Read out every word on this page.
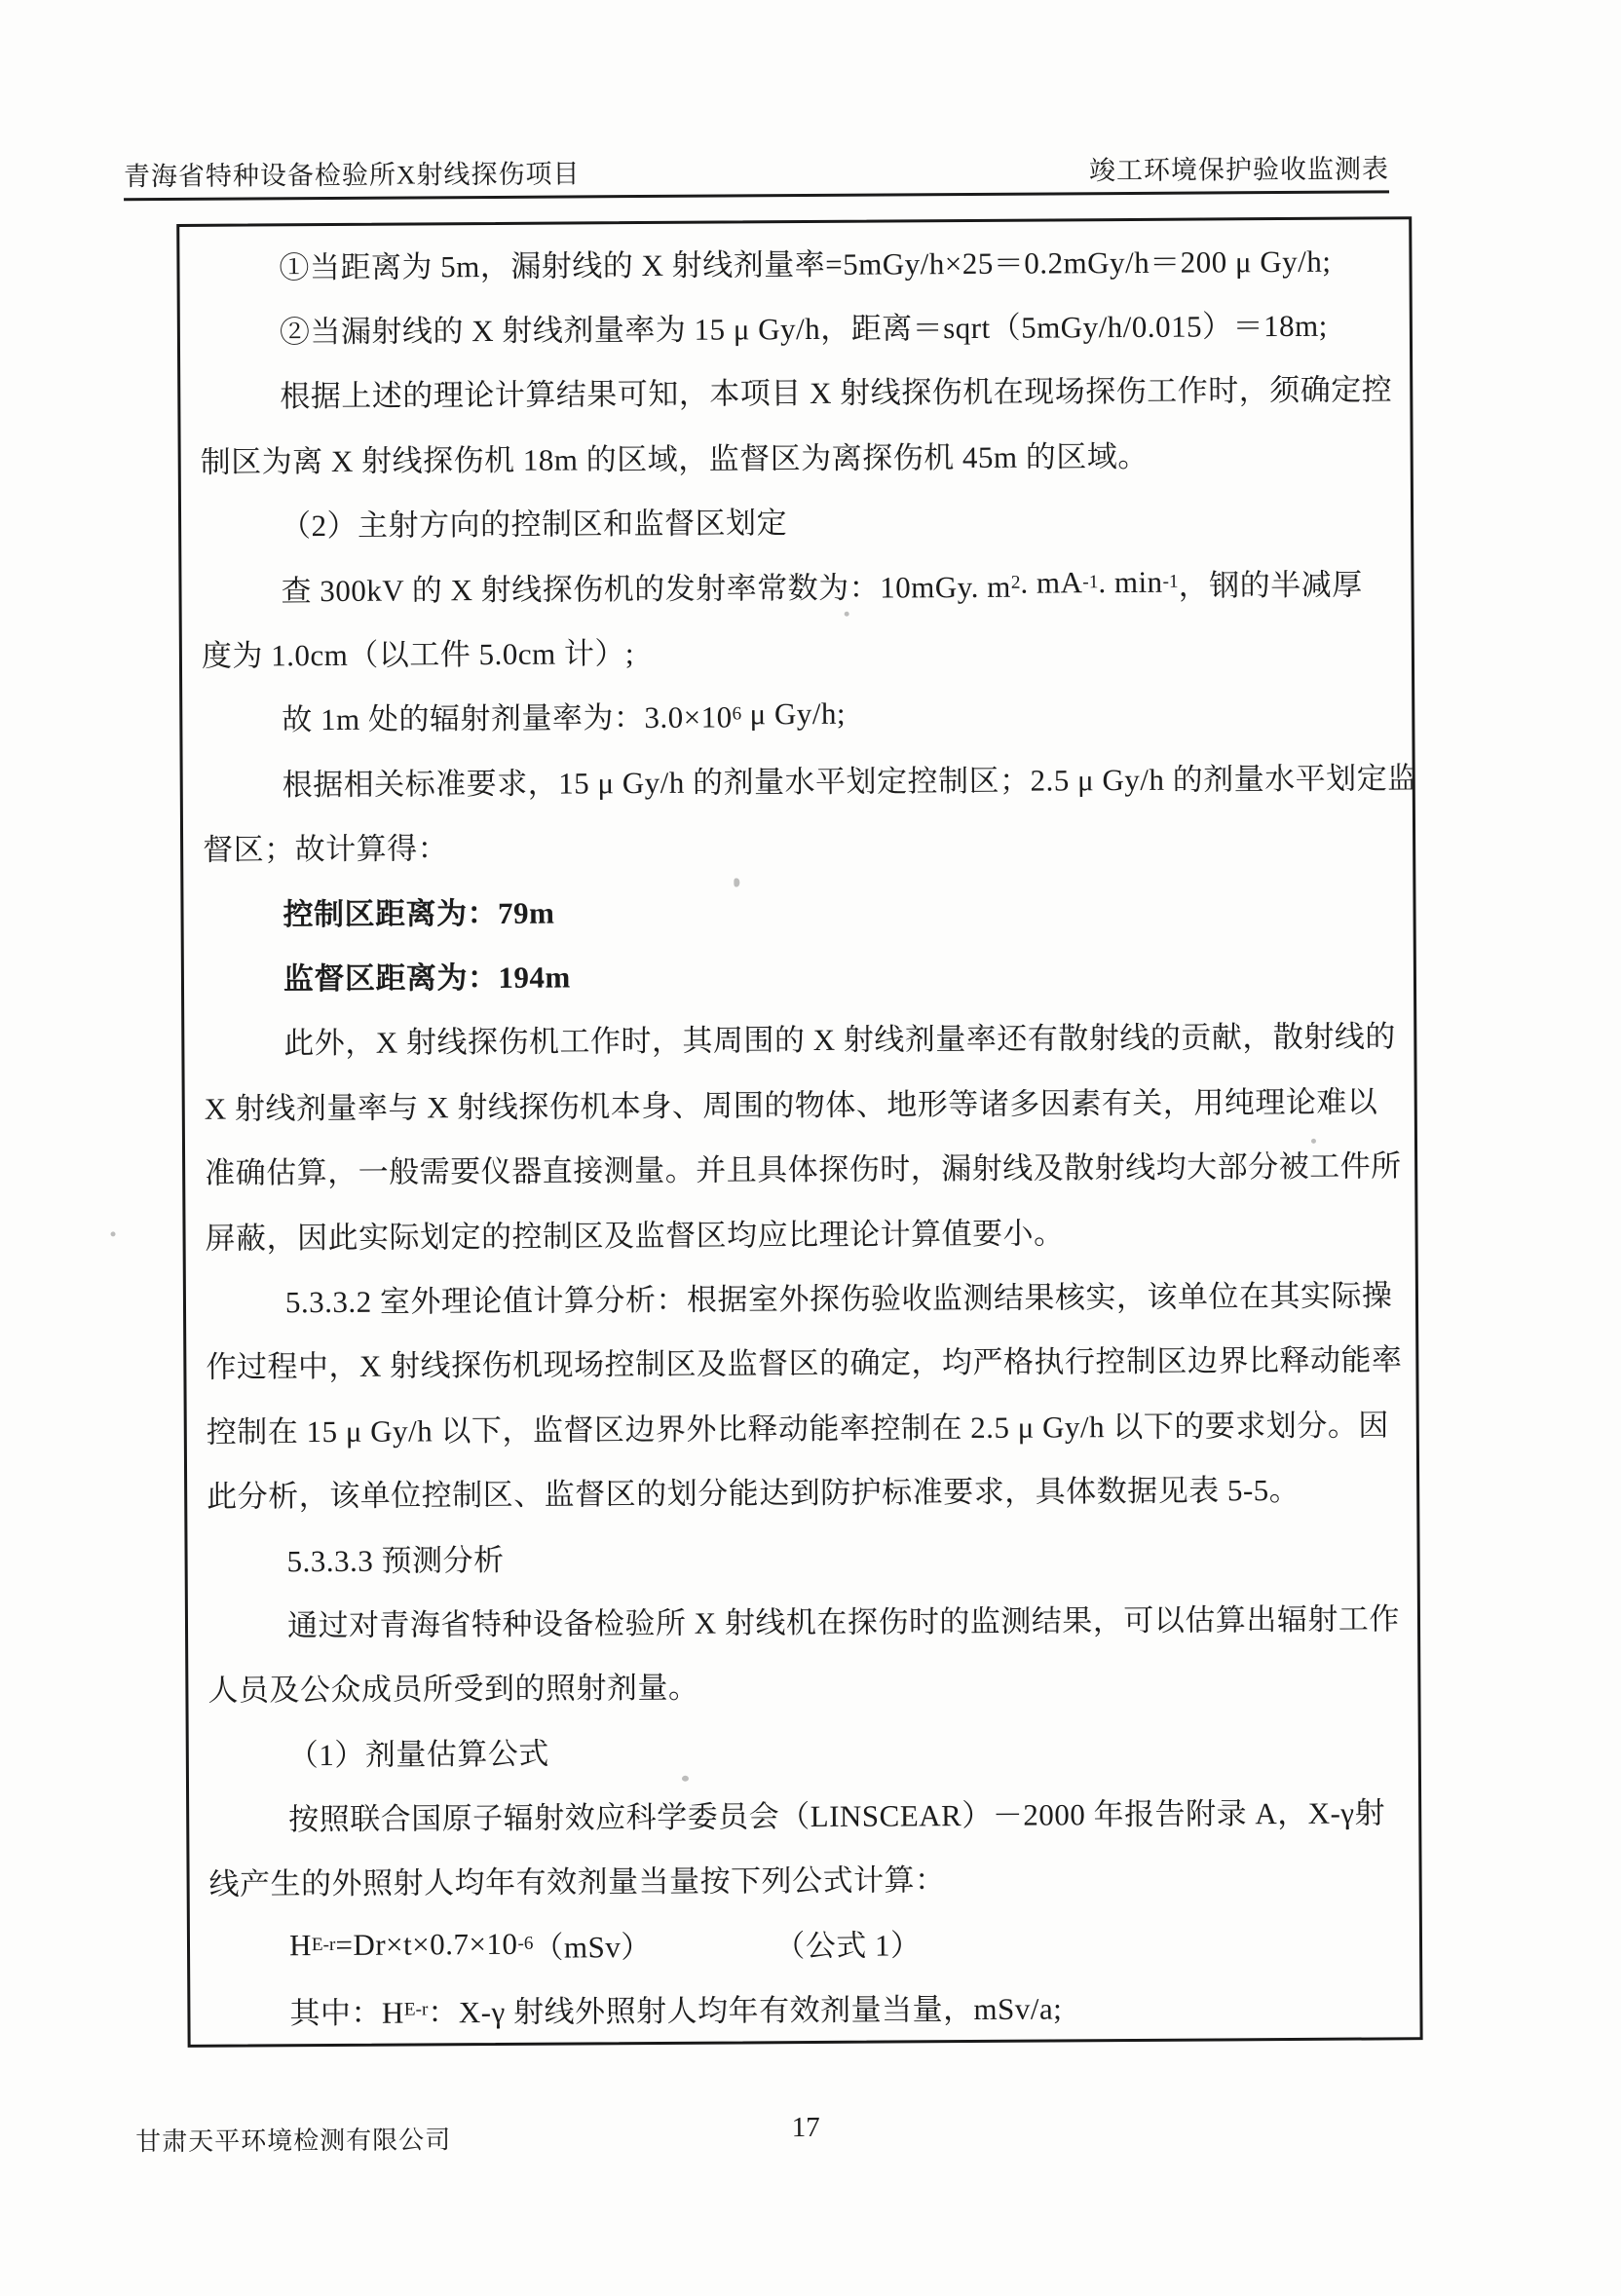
青海省特种设备检验所X射线探伤项目	竣工环境保护验收监测表
①当距离为 5m，漏射线的 X 射线剂量率=5mGy/h×25＝0.2mGy/h＝200 μ Gy/h;
②当漏射线的 X 射线剂量率为 15 μ Gy/h，距离＝sqrt（5mGy/h/0.015）＝18m;
根据上述的理论计算结果可知，本项目 X 射线探伤机在现场探伤工作时，须确定控
制区为离 X 射线探伤机 18m 的区域，监督区为离探伤机 45m 的区域。
（2）主射方向的控制区和监督区划定
查 300kV 的 X 射线探伤机的发射率常数为：10mGy. m 2 . mA -1 . min -1 ，钢的半减厚
度为 1.0cm（以工件 5.0cm 计）;
故 1m 处的辐射剂量率为：3.0×10 6 μ Gy/h;
根据相关标准要求，15 μ Gy/h 的剂量水平划定控制区；2.5 μ Gy/h 的剂量水平划定监
督区；故计算得：
控制区距离为：79m
监督区距离为：194m
此外，X 射线探伤机工作时，其周围的 X 射线剂量率还有散射线的贡献，散射线的
X 射线剂量率与 X 射线探伤机本身、周围的物体、地形等诸多因素有关，用纯理论难以
准确估算，一般需要仪器直接测量。并且具体探伤时，漏射线及散射线均大部分被工件所
屏蔽，因此实际划定的控制区及监督区均应比理论计算值要小。
5.3.3.2 室外理论值计算分析：根据室外探伤验收监测结果核实，该单位在其实际操
作过程中，X 射线探伤机现场控制区及监督区的确定，均严格执行控制区边界比释动能率
控制在 15 μ Gy/h 以下，监督区边界外比释动能率控制在 2.5 μ Gy/h 以下的要求划分。因
此分析，该单位控制区、监督区的划分能达到防护标准要求，具体数据见表 5-5。
5.3.3.3 预测分析
通过对青海省特种设备检验所 X 射线机在探伤时的监测结果，可以估算出辐射工作
人员及公众成员所受到的照射剂量。
（1）剂量估算公式
按照联合国原子辐射效应科学委员会（LINSCEAR）－2000 年报告附录 A，X-γ射
线产生的外照射人均年有效剂量当量按下列公式计算：
H E-r =Dr×t×0.7×10 -6 （mSv）　　　　　（公式 1）
其中：H E-r ：X-γ 射线外照射人均年有效剂量当量，mSv/a;
甘肃天平环境检测有限公司	17
